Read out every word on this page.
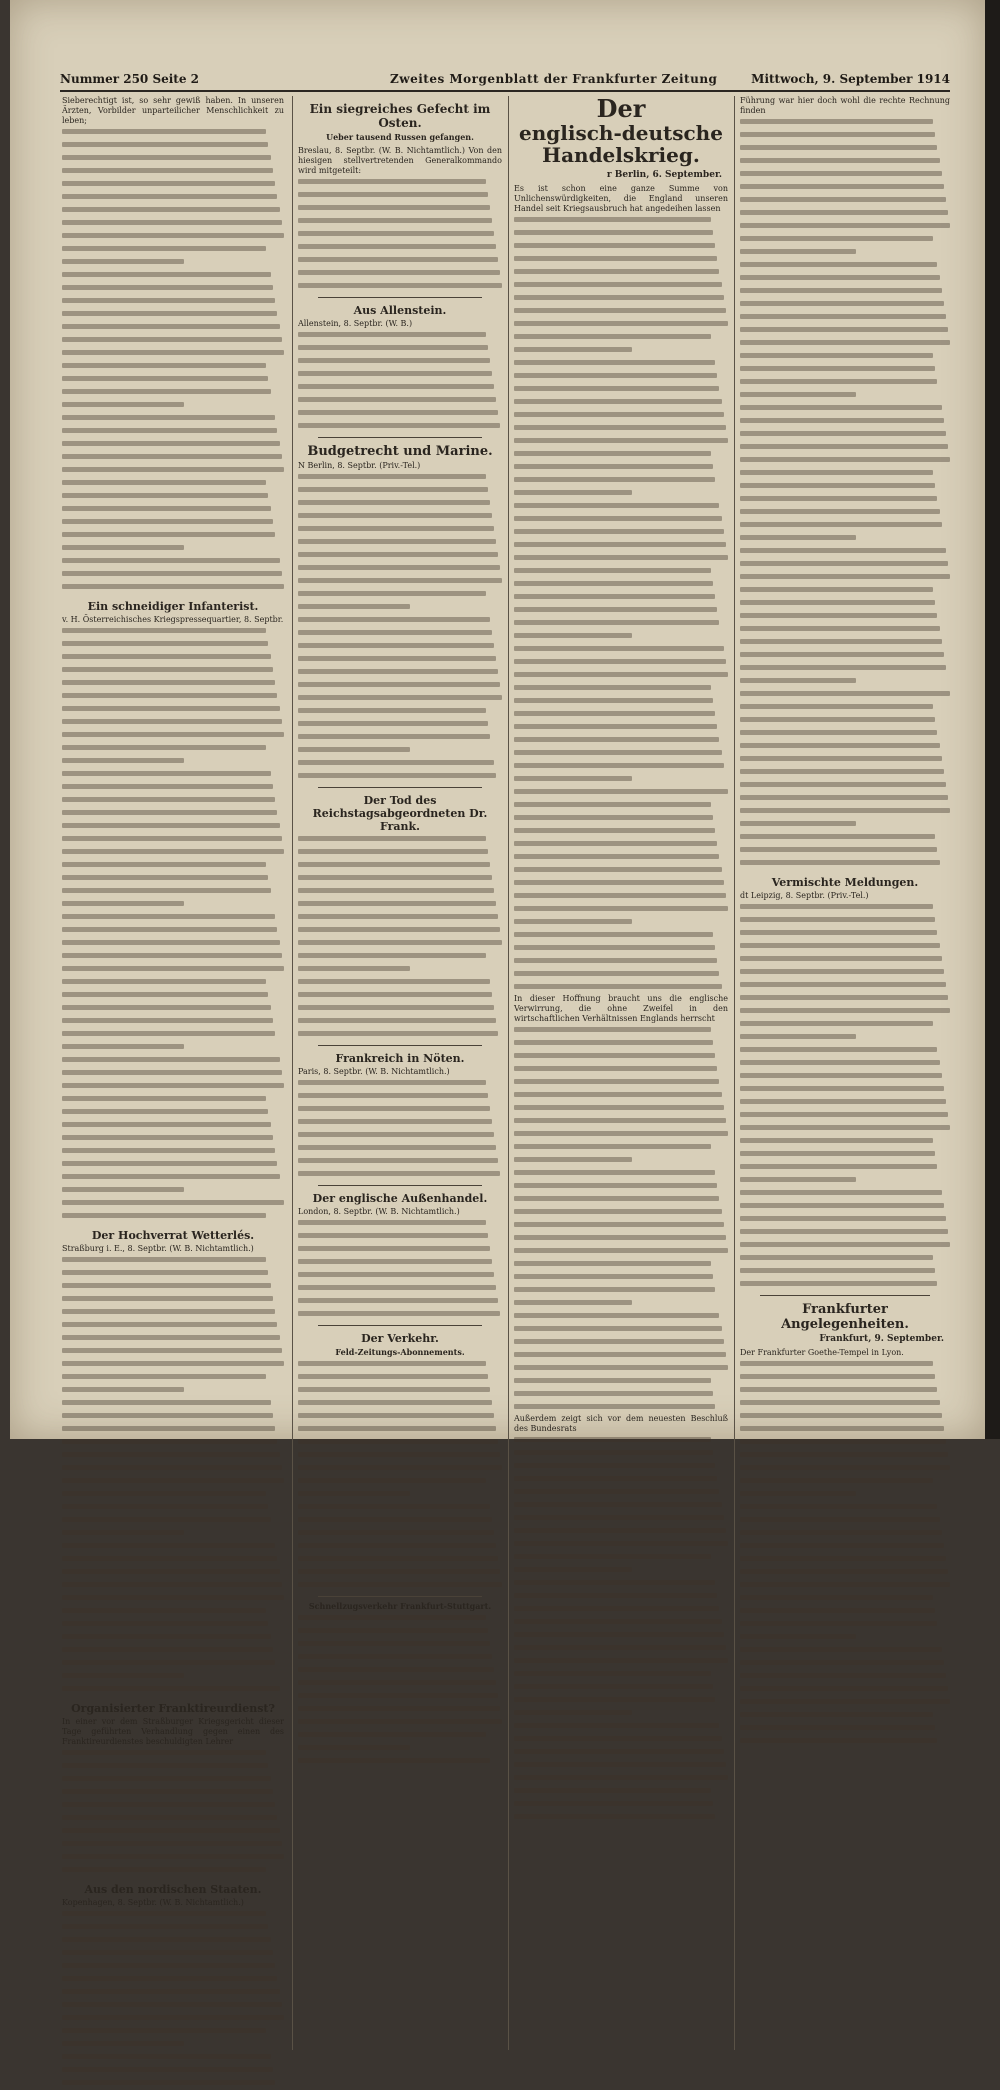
Nummer 250 Seite 2	Zweites Morgenblatt der Frankfurter Zeitung	Mittwoch, 9. September 1914

Sieberechtigt ist, so sehr gewiß haben. In unseren Ärzten, Vorbilder unparteilicher Menschlichkeit zu leben;

Ein schneidiger Infanterist.

v. H. Österreichisches Kriegspressequartier, 8. Septbr.

Der Hochverrat Wetterlés.

Straßburg i. E., 8. Septbr. (W. B. Nichtamtlich.)

Organisierter Franktireurdienst?

In einer vor dem Straßburger Kriegsgericht dieser Tage geführten Verhandlung gegen einen des Franktireurdienstes beschuldigten Lehrer

Aus den nordischen Staaten.

Kopenhagen, 8. Septbr. (W. B. Nichtamtlich.)

Ein siegreiches Gefecht im Osten.
Ueber tausend Russen gefangen.

Breslau, 8. Septbr. (W. B. Nichtamtlich.) Von den hiesigen stellvertretenden Generalkommando wird mitgeteilt:

Aus Allenstein.

Allenstein, 8. Septbr. (W. B.)

Budgetrecht und Marine.

N Berlin, 8. Septbr. (Priv.-Tel.)

Der Tod des Reichstagsabgeordneten Dr. Frank.
Frankreich in Nöten.

Paris, 8. Septbr. (W. B. Nichtamtlich.)

Der englische Außenhandel.

London, 8. Septbr. (W. B. Nichtamtlich.)

Der Verkehr.
Feld-Zeitungs-Abonnements.
Schnellzugsverkehr Frankfurt-Stuttgart.
Der
englisch-deutsche Handelskrieg.
r Berlin, 6. September.

Es ist schon eine ganze Summe von Unlichenswürdigkeiten, die England unseren Handel seit Kriegsausbruch hat angedeihen lassen

In dieser Hoffnung braucht uns die englische Verwirrung, die ohne Zweifel in den wirtschaftlichen Verhältnissen Englands herrscht

Außerdem zeigt sich vor dem neuesten Beschluß des Bundesrats

Führung war hier doch wohl die rechte Rechnung finden

Vermischte Meldungen.

dt Leipzig, 8. Septbr. (Priv.-Tel.)

Frankfurter Angelegenheiten.
Frankfurt, 9. September.

Der Frankfurter Goethe-Tempel in Lyon.
